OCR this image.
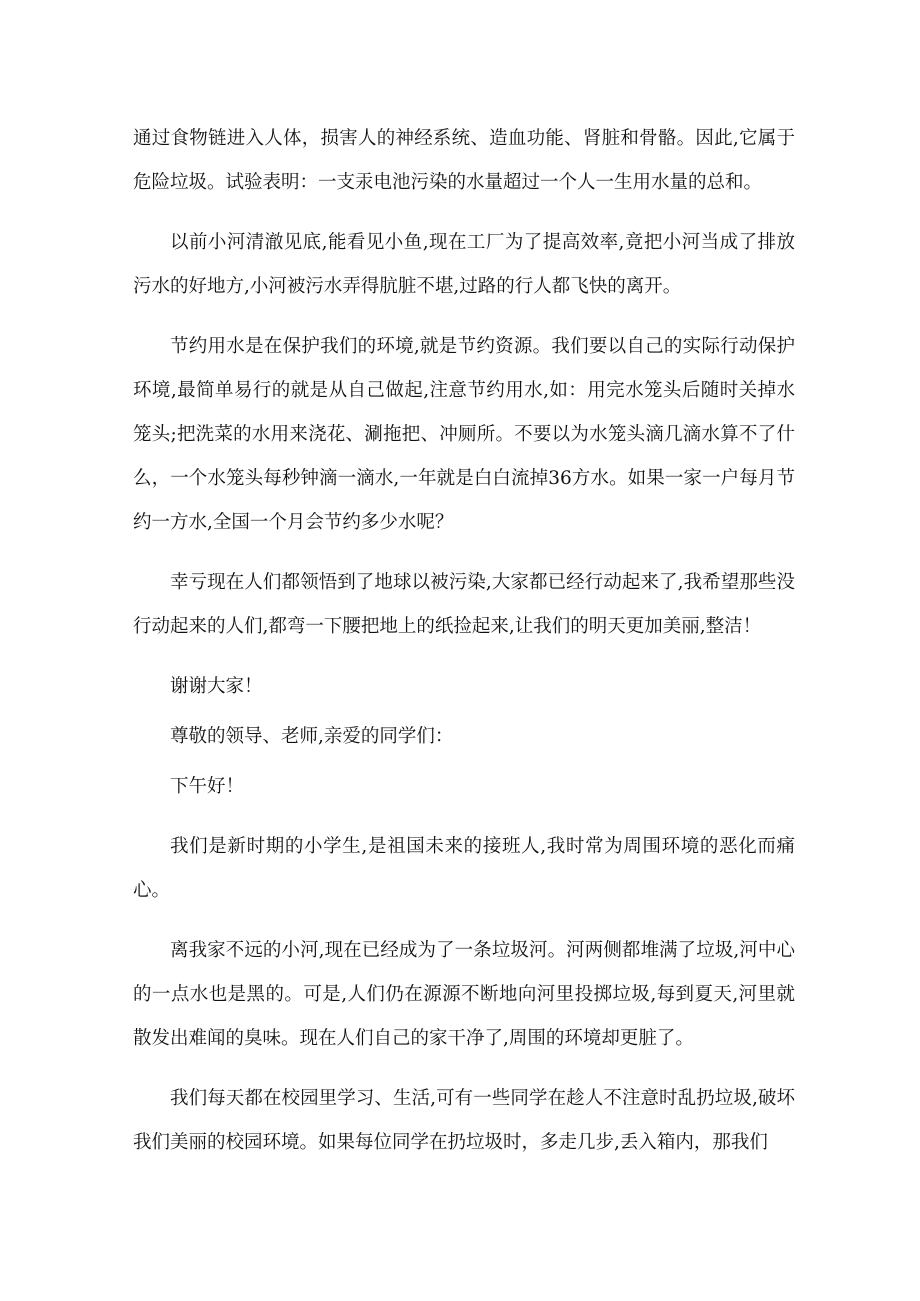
通过食物链进入人体，损害人的神经系统、造血功能、肾脏和骨骼。因此,它属于危险垃圾。试验表明：一支汞电池污染的水量超过一个人一生用水量的总和。

以前小河清澈见底,能看见小鱼,现在工厂为了提高效率,竟把小河当成了排放污水的好地方,小河被污水弄得肮脏不堪,过路的行人都飞快的离开。

节约用水是在保护我们的环境,就是节约资源。我们要以自己的实际行动保护环境,最简单易行的就是从自己做起,注意节约用水,如：用完水笼头后随时关掉水笼头;把洗菜的水用来浇花、涮拖把、冲厕所。不要以为水笼头滴几滴水算不了什么，一个水笼头每秒钟滴一滴水,一年就是白白流掉36方水。如果一家一户每月节约一方水,全国一个月会节约多少水呢？

幸亏现在人们都领悟到了地球以被污染,大家都已经行动起来了,我希望那些没行动起来的人们,都弯一下腰把地上的纸捡起来,让我们的明天更加美丽,整洁！

谢谢大家！

尊敬的领导、老师,亲爱的同学们：

下午好！

我们是新时期的小学生,是祖国未来的接班人,我时常为周围环境的恶化而痛心。

离我家不远的小河,现在已经成为了一条垃圾河。河两侧都堆满了垃圾,河中心的一点水也是黑的。可是,人们仍在源源不断地向河里投掷垃圾,每到夏天,河里就散发出难闻的臭味。现在人们自己的家干净了,周围的环境却更脏了。

我们每天都在校园里学习、生活,可有一些同学在趁人不注意时乱扔垃圾,破坏我们美丽的校园环境。如果每位同学在扔垃圾时，多走几步,丢入箱内，那我们
